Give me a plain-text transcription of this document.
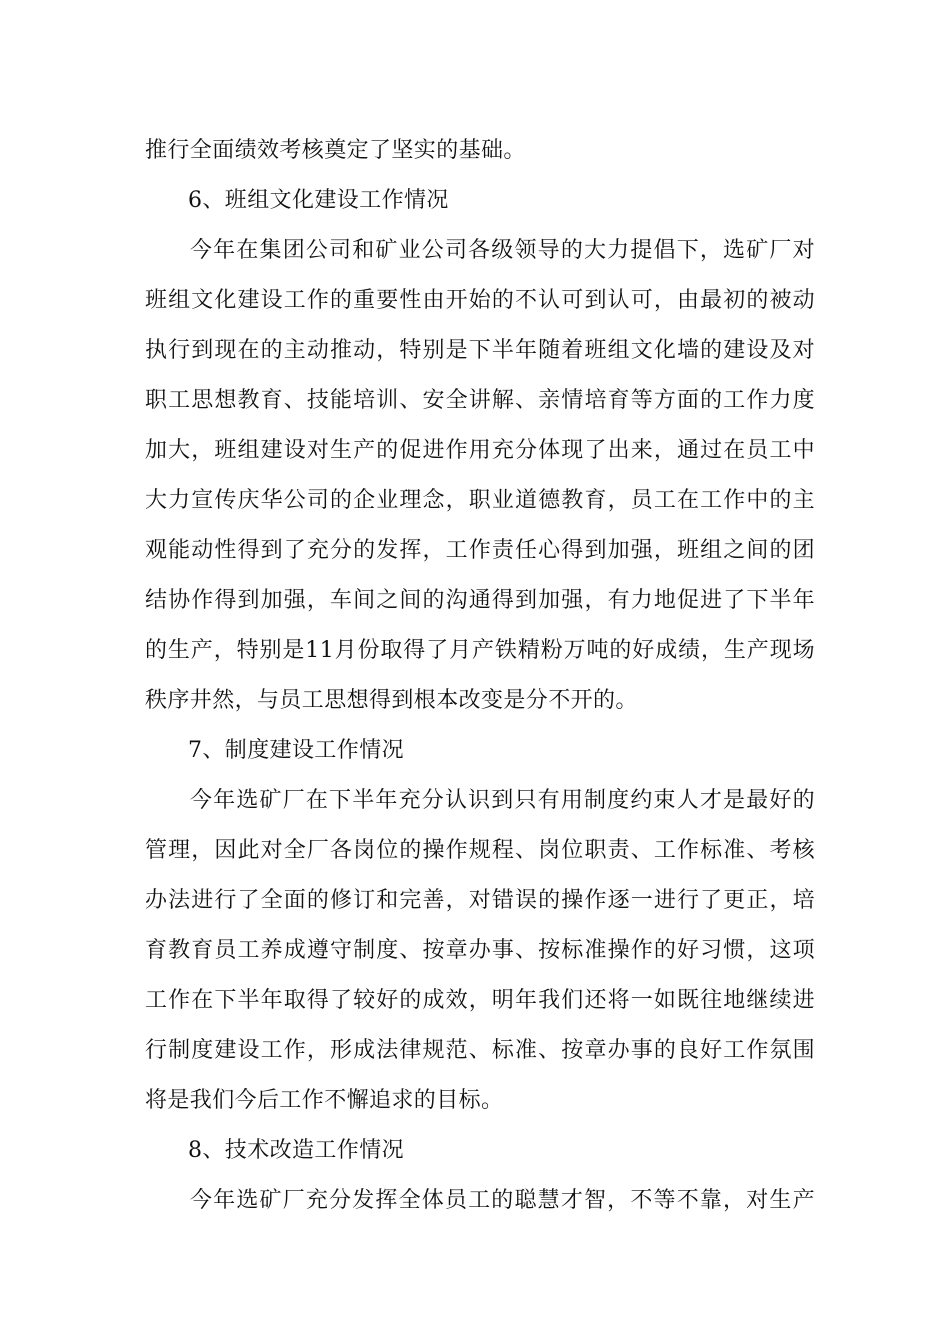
推行全面绩效考核奠定了坚实的基础。
6、班组文化建设工作情况
今年在集团公司和矿业公司各级领导的大力提倡下，选矿厂对
班组文化建设工作的重要性由开始的不认可到认可，由最初的被动
执行到现在的主动推动，特别是下半年随着班组文化墙的建设及对
职工思想教育、技能培训、安全讲解、亲情培育等方面的工作力度
加大，班组建设对生产的促进作用充分体现了出来，通过在员工中
大力宣传庆华公司的企业理念，职业道德教育，员工在工作中的主
观能动性得到了充分的发挥，工作责任心得到加强，班组之间的团
结协作得到加强，车间之间的沟通得到加强，有力地促进了下半年
的生产，特别是11月份取得了月产铁精粉万吨的好成绩，生产现场
秩序井然，与员工思想得到根本改变是分不开的。
7、制度建设工作情况
今年选矿厂在下半年充分认识到只有用制度约束人才是最好的
管理，因此对全厂各岗位的操作规程、岗位职责、工作标准、考核
办法进行了全面的修订和完善，对错误的操作逐一进行了更正，培
育教育员工养成遵守制度、按章办事、按标准操作的好习惯，这项
工作在下半年取得了较好的成效，明年我们还将一如既往地继续进
行制度建设工作，形成法律规范、标准、按章办事的良好工作氛围
将是我们今后工作不懈追求的目标。
8、技术改造工作情况
今年选矿厂充分发挥全体员工的聪慧才智，不等不靠，对生产
